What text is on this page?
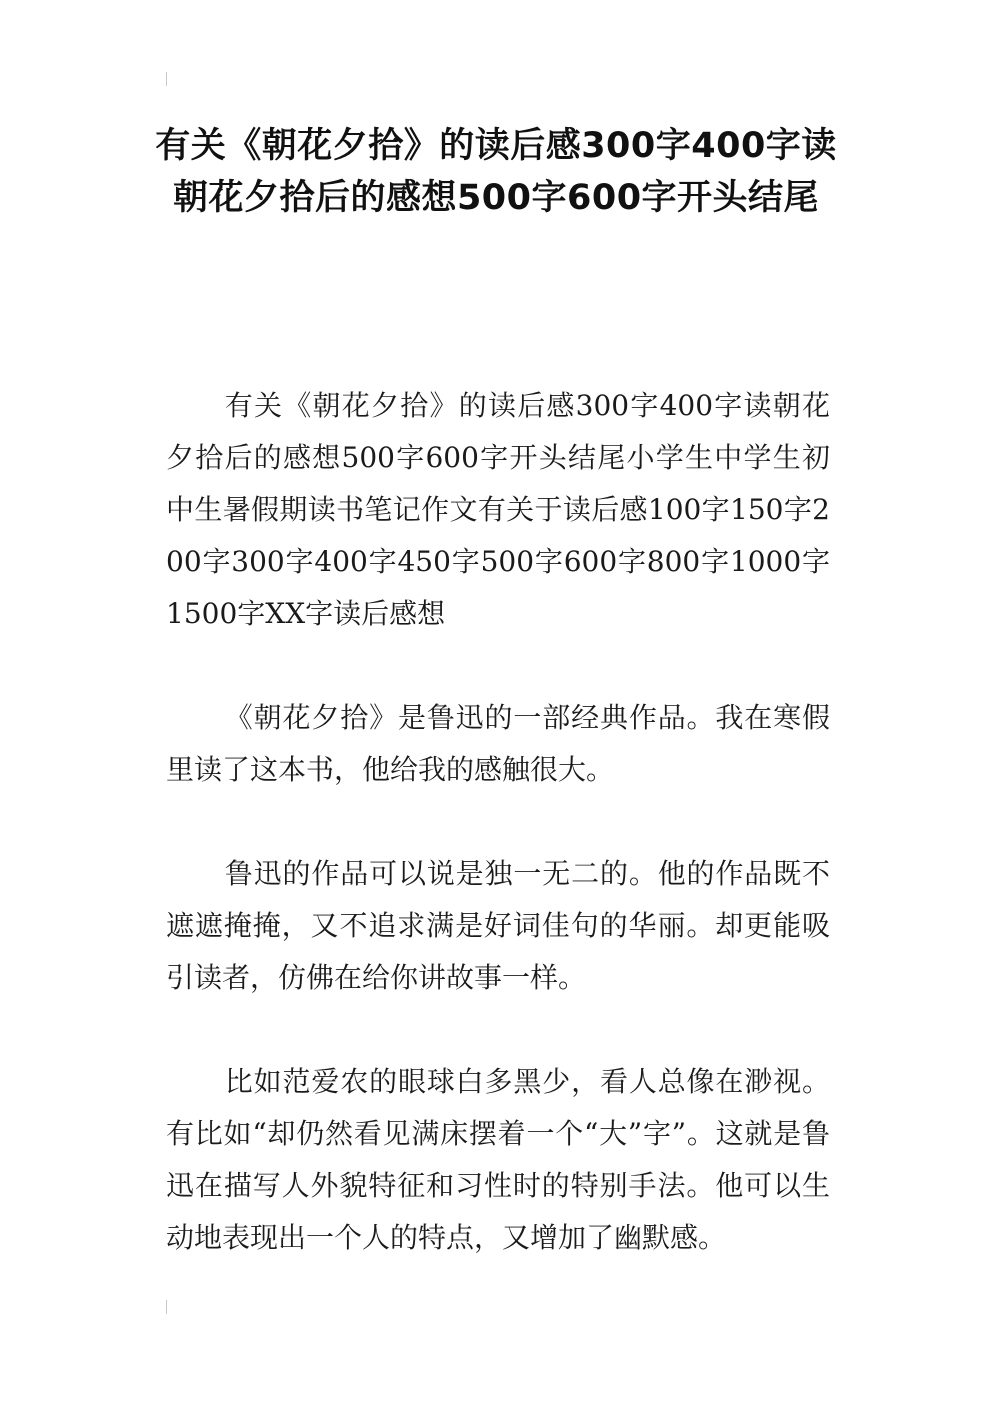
有关《朝花夕拾》的读后感300字400字读朝花夕拾后的感想500字600字开头结尾

有关《朝花夕拾》的读后感300字400字读朝花夕拾后的感想500字600字开头结尾小学生中学生初中生暑假期读书笔记作文有关于读后感100字150字200字300字400字450字500字600字800字1000字1500字XX字读后感想

《朝花夕拾》是鲁迅的一部经典作品。我在寒假里读了这本书，他给我的感触很大。

鲁迅的作品可以说是独一无二的。他的作品既不遮遮掩掩，又不追求满是好词佳句的华丽。却更能吸引读者，仿佛在给你讲故事一样。

比如范爱农的眼球白多黑少，看人总像在渺视。有比如“却仍然看见满床摆着一个“大”字”。这就是鲁迅在描写人外貌特征和习性时的特别手法。他可以生动地表现出一个人的特点，又增加了幽默感。
